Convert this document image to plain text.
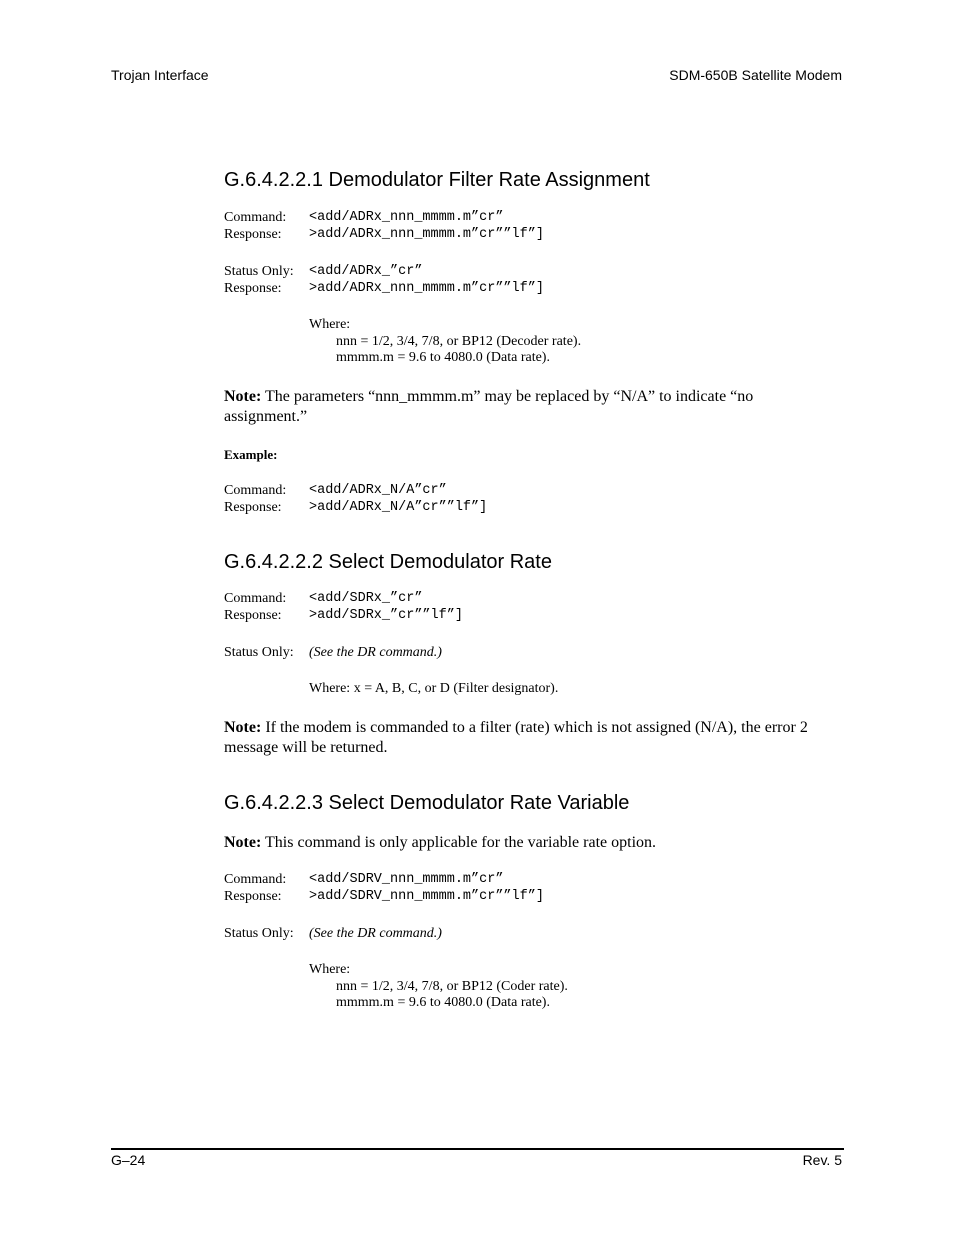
Trojan Interface	SDM-650B Satellite Modem
G.6.4.2.2.1 Demodulator Filter Rate Assignment
Command: <add/ADRx_nnn_mmmm.m”cr”
Response: >add/ADRx_nnn_mmmm.m”cr””lf”]
Status Only: <add/ADRx_”cr”
Response: >add/ADRx_nnn_mmmm.m”cr””lf”]
Where:
nnn = 1/2, 3/4, 7/8, or BP12 (Decoder rate).
mmmm.m = 9.6 to 4080.0 (Data rate).
Note: The parameters “nnn_mmmm.m” may be replaced by “N/A” to indicate “no assignment.”
Example:
Command: <add/ADRx_N/A”cr”
Response: >add/ADRx_N/A”cr””lf”]
G.6.4.2.2.2 Select Demodulator Rate
Command: <add/SDRx_”cr”
Response: >add/SDRx_”cr””lf”]
Status Only: (See the DR command.)
Where: x = A, B, C, or D (Filter designator).
Note: If the modem is commanded to a filter (rate) which is not assigned (N/A), the error 2 message will be returned.
G.6.4.2.2.3 Select Demodulator Rate Variable
Note: This command is only applicable for the variable rate option.
Command: <add/SDRV_nnn_mmmm.m”cr”
Response: >add/SDRV_nnn_mmmm.m”cr””lf”]
Status Only: (See the DR command.)
Where:
nnn = 1/2, 3/4, 7/8, or BP12 (Coder rate).
mmmm.m = 9.6 to 4080.0 (Data rate).
G–24	Rev. 5
